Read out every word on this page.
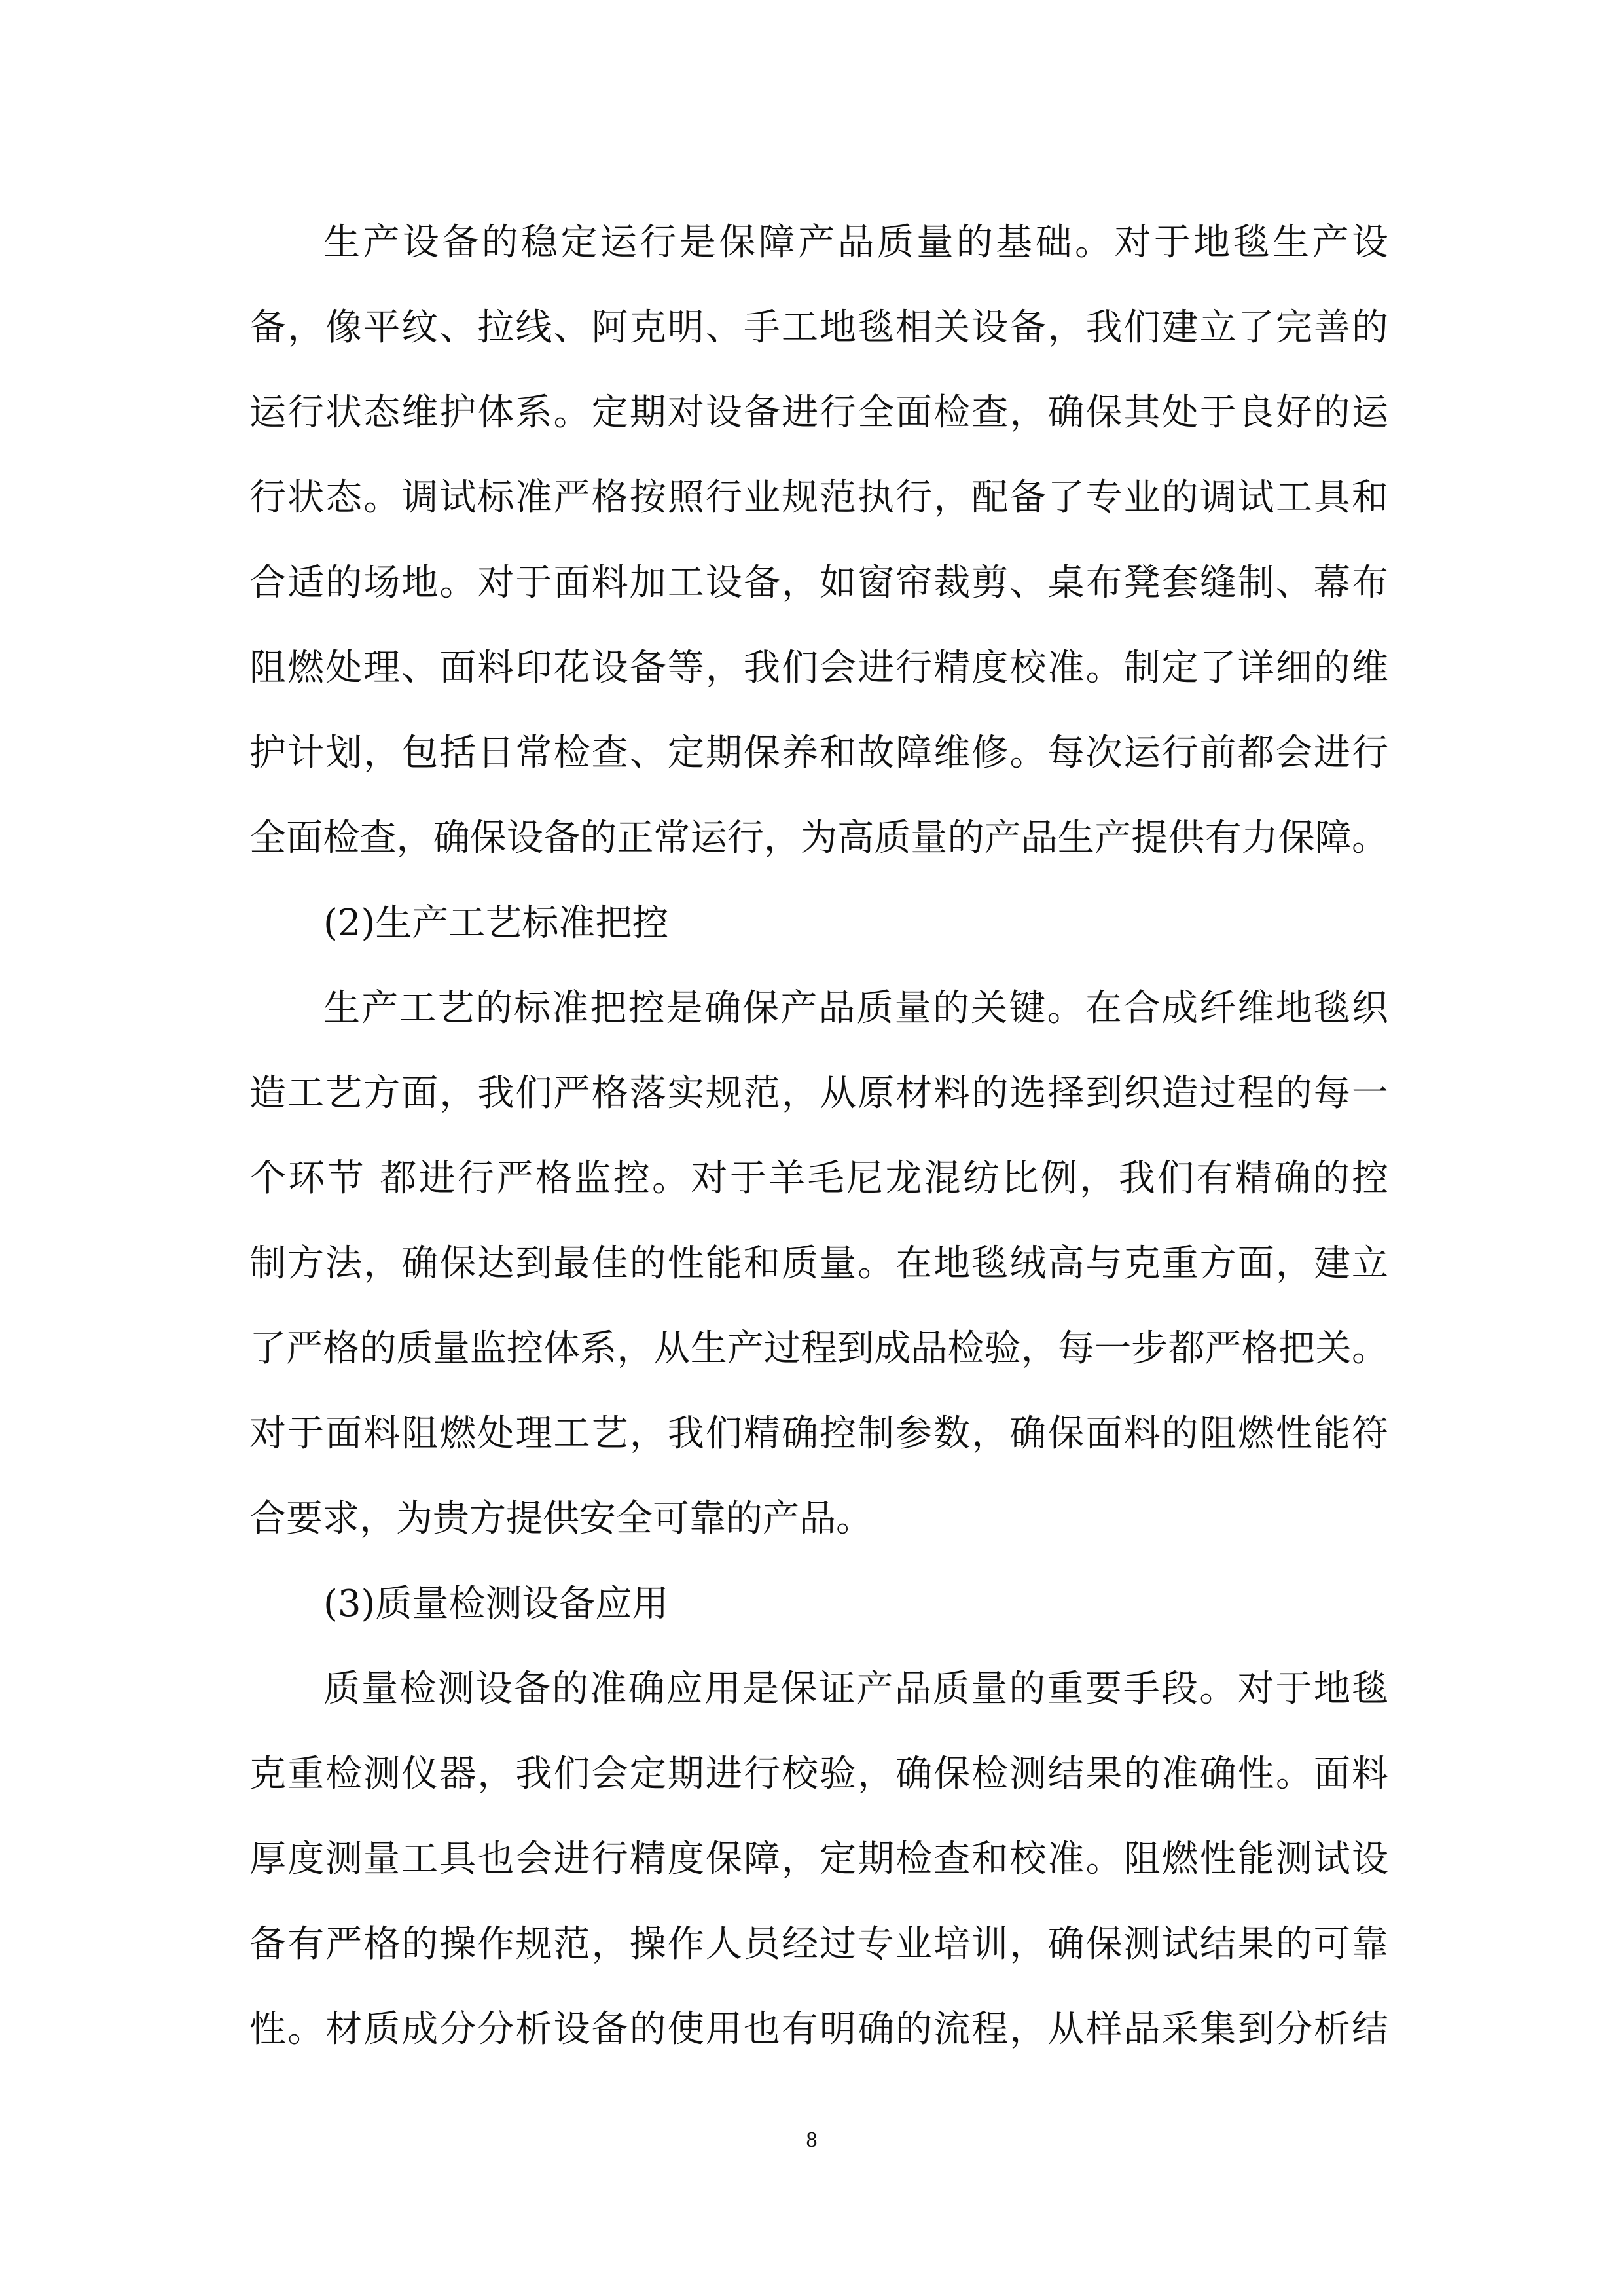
生产设备的稳定运行是保障产品质量的基础。对于地毯生产设
备，像平纹、拉线、阿克明、手工地毯相关设备，我们建立了完善的
运行状态维护体系。定期对设备进行全面检查，确保其处于良好的运
行状态。调试标准严格按照行业规范执行，配备了专业的调试工具和
合适的场地。对于面料加工设备，如窗帘裁剪、桌布凳套缝制、幕布
阻燃处理、面料印花设备等，我们会进行精度校准。制定了详细的维
护计划，包括日常检查、定期保养和故障维修。每次运行前都会进行
全面检查，确保设备的正常运行，为高质量的产品生产提供有力保障。
(2)生产工艺标准把控
生产工艺的标准把控是确保产品质量的关键。在合成纤维地毯织
造工艺方面，我们严格落实规范，从原材料的选择到织造过程的每一
个环节 都进行严格监控。对于羊毛尼龙混纺比例，我们有精确的控
制方法，确保达到最佳的性能和质量。在地毯绒高与克重方面，建立
了严格的质量监控体系，从生产过程到成品检验，每一步都严格把关。
对于面料阻燃处理工艺，我们精确控制参数，确保面料的阻燃性能符
合要求，为贵方提供安全可靠的产品。
(3)质量检测设备应用
质量检测设备的准确应用是保证产品质量的重要手段。对于地毯
克重检测仪器，我们会定期进行校验，确保检测结果的准确性。面料
厚度测量工具也会进行精度保障，定期检查和校准。阻燃性能测试设
备有严格的操作规范，操作人员经过专业培训，确保测试结果的可靠
性。材质成分分析设备的使用也有明确的流程，从样品采集到分析结
8
